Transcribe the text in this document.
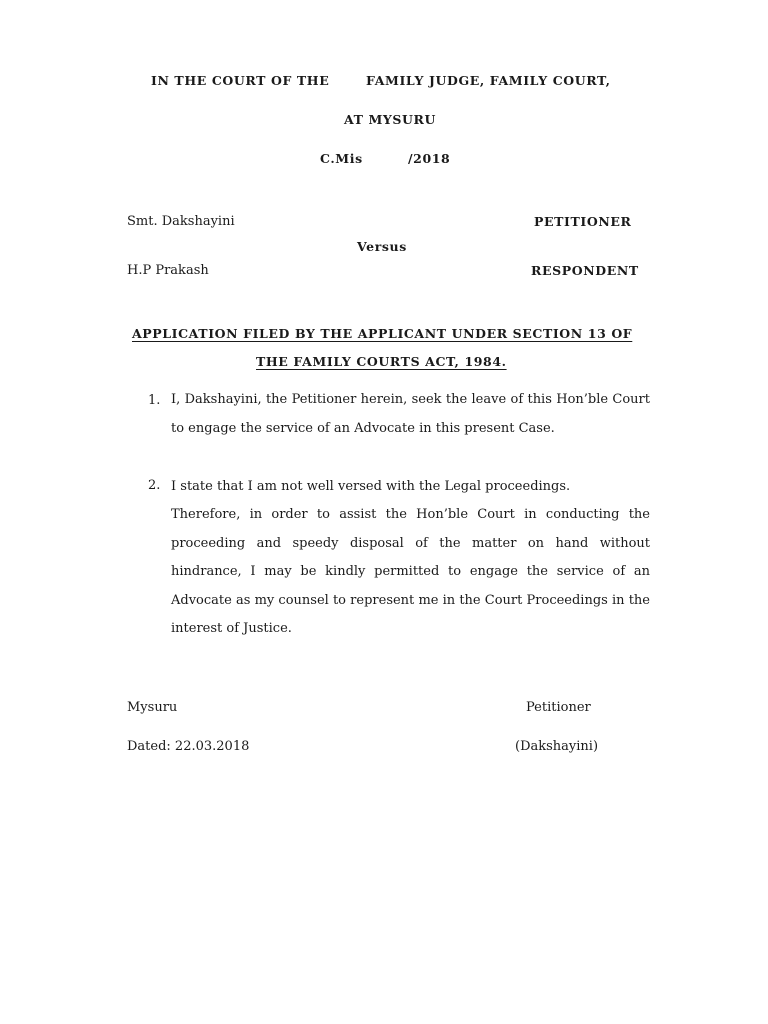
IN THE COURT OF THE	FAMILY JUDGE, FAMILY COURT,
AT MYSURU
C.Mis	/2018
Smt. Dakshayini	PETITIONER
Versus
H.P Prakash	RESPONDENT
APPLICATION FILED BY THE APPLICANT UNDER SECTION 13 OF
THE FAMILY COURTS ACT, 1984.
1. I, Dakshayini, the Petitioner herein, seek the leave of this Hon’ble Court to engage the service of an Advocate in this present Case.
2. I state that I am not well versed with the Legal proceedings.
Therefore, in order to assist the Hon’ble Court in conducting the proceeding and speedy disposal of the matter on hand without hindrance, I may be kindly permitted to engage the service of an Advocate as my counsel to represent me in the Court Proceedings in the interest of Justice.
Mysuru	Petitioner
Dated: 22.03.2018	(Dakshayini)
